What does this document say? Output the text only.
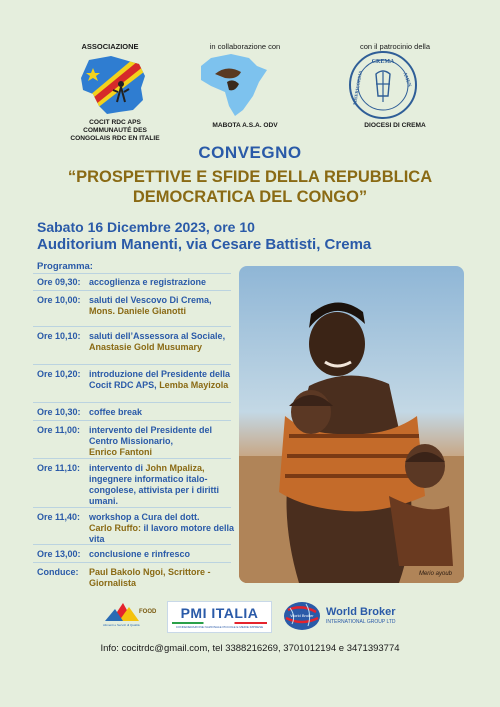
ASSOCIAZIONE	in collaborazione con	con il patrocinio della
COCIT RDC APS
COMMUNAUTÉ DES
CONGOLAIS RDC EN ITALIE
MABOTA A.S.A. ODV
CREMA
AMEN
MISERICORDIA
DIOCESI DI CREMA
CONVEGNO
“PROSPETTIVE E SFIDE DELLA REPUBBLICA
DEMOCRATICA DEL CONGO”
Sabato 16 Dicembre 2023, ore 10
Auditorium Manenti, via Cesare Battisti, Crema
Programma:
Ore 09,30: accoglienza e registrazione
Ore 10,00: saluti del Vescovo Di Crema,
Mons. Daniele Gianotti
Ore 10,10: saluti dell’Assessora al Sociale,
Anastasie Gold Musumary
Ore 10,20: introduzione del Presidente della Cocit RDC APS, Lemba Mayizola
Ore 10,30: coffee break
Ore 11,00: intervento del Presidente del Centro Missionario,
Enrico Fantoni
Ore 11,10: intervento di John Mpaliza, ingegnere informatico italo-congolese, attivista per i diritti umani.
Ore 11,40: workshop a Cura del dott.
Carlo Ruffo: il lavoro motore della vita
Ore 13,00: conclusione e rinfresco
Conduce: Paul Bakolo Ngoi, Scrittore - Giornalista
Merio ayoub
FOOD
Alimenti e Servizi di Qualità
PMI ITALIA
CONFEDERAZIONE NAZIONALE PICCOLE E MEDIE IMPRESE
World Broker World Broker
INTERNATIONAL GROUP LTD
Info: cocitrdc@gmail.com, tel 3388216269, 3701012194 e 3471393774
